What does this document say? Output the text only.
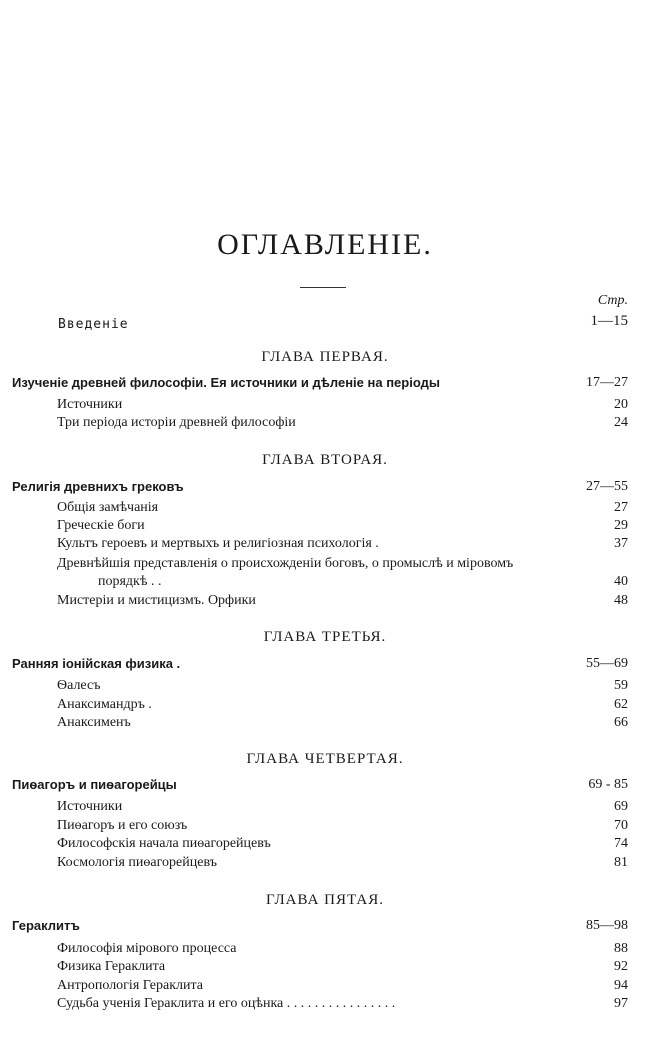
ОГЛАВЛЕНІЕ.
Стр.
Введеніе	1—15
ГЛАВА ПЕРВАЯ.
Изученіе древней философіи. Ея источники и дѣленіе на періоды	17—27
Источники	20
Три періода исторіи древней философіи	24
ГЛАВА ВТОРАЯ.
Религія древнихъ грековъ	27—55
Общія замѣчанія	27
Греческіе боги	29
Культъ героевъ и мертвыхъ и религіозная психологія .	37
Древнѣйшія представленія о происхожденіи боговъ, о промыслѣ и міровомъ
порядкѣ . .	40
Мистеріи и мистицизмъ. Орфики	48
ГЛАВА ТРЕТЬЯ.
Ранняя іонійская физика .	55—69
Ѳалесъ	59
Анаксимандръ .	62
Анаксименъ	66
ГЛАВА ЧЕТВЕРТАЯ.
Пиѳагоръ и пиѳагорейцы	69 - 85
Источники	69
Пиѳагоръ и его союзъ	70
Философскія начала пиѳагорейцевъ	74
Космологія пиѳагорейцевъ	81
ГЛАВА ПЯТАЯ.
Гераклитъ	85—98
Философія мірового процесса	88
Физика Гераклита	92
Антропологія Гераклита	94
Судьба ученія Гераклита и его оцѣнка . . . . . . . . . . . . . . . .	97
